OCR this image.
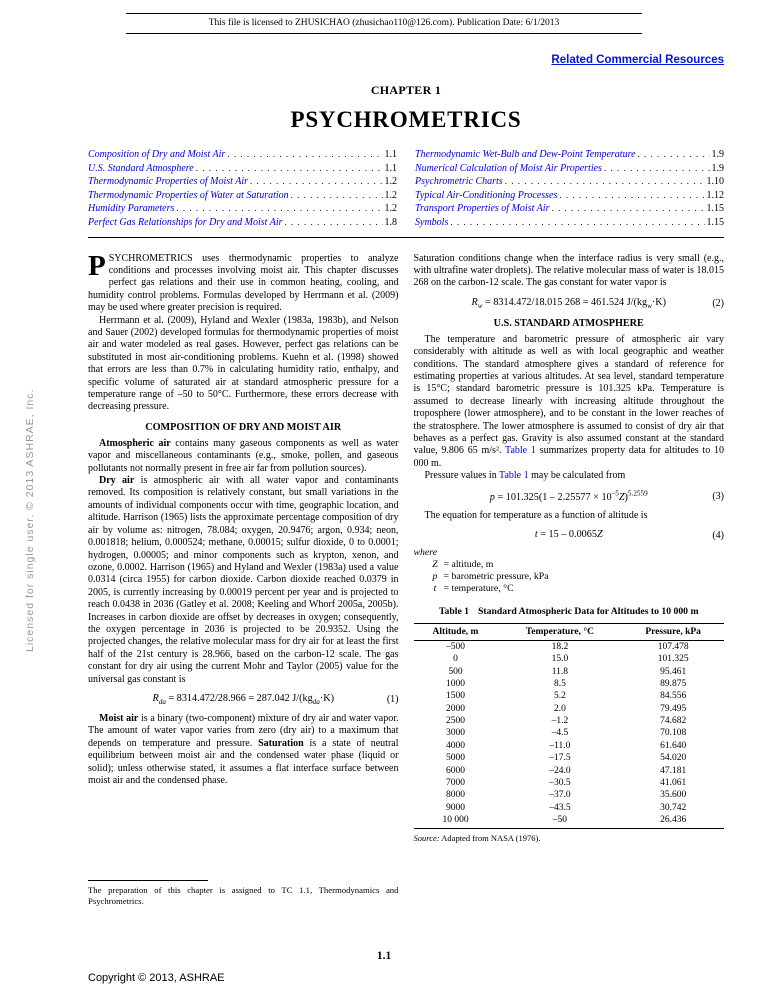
This file is licensed to ZHUSICHAO (zhusichao110@126.com). Publication Date: 6/1/2013
Related Commercial Resources
CHAPTER 1
PSYCHROMETRICS
Composition of Dry and Moist Air . . .	1.1
U.S. Standard Atmosphere . . .	1.1
Thermodynamic Properties of Moist Air . . .	1.2
Thermodynamic Properties of Water at Saturation . . .	1.2
Humidity Parameters . . .	1.2
Perfect Gas Relationships for Dry and Moist Air . . .	1.8
Thermodynamic Wet-Bulb and Dew-Point Temperature . . .	1.9
Numerical Calculation of Moist Air Properties . . .	1.9
Psychrometric Charts . . .	1.10
Typical Air-Conditioning Processes . . .	1.12
Transport Properties of Moist Air . . .	1.15
Symbols . . .	1.15

PSYCHROMETRICS uses thermodynamic properties to analyze conditions and processes involving moist air. This chapter discusses perfect gas relations and their use in common heating, cooling, and humidity control problems. Formulas developed by Herrmann et al. (2009) may be used where greater precision is required.

Herrmann et al. (2009), Hyland and Wexler (1983a, 1983b), and Nelson and Sauer (2002) developed formulas for thermodynamic properties of moist air and water modeled as real gases. However, perfect gas relations can be substituted in most air-conditioning problems. Kuehn et al. (1998) showed that errors are less than 0.7% in calculating humidity ratio, enthalpy, and specific volume of saturated air at standard atmospheric pressure for a temperature range of –50 to 50°C. Furthermore, these errors decrease with decreasing pressure.

COMPOSITION OF DRY AND MOIST AIR

Atmospheric air contains many gaseous components as well as water vapor and miscellaneous contaminants (e.g., smoke, pollen, and gaseous pollutants not normally present in free air far from pollution sources).

Dry air is atmospheric air with all water vapor and contaminants removed. Its composition is relatively constant, but small variations in the amounts of individual components occur with time, geographic location, and altitude. Harrison (1965) lists the approximate percentage composition of dry air by volume as: nitrogen, 78.084; oxygen, 20.9476; argon, 0.934; neon, 0.001818; helium, 0.000524; methane, 0.00015; sulfur dioxide, 0 to 0.0001; hydrogen, 0.00005; and minor components such as krypton, xenon, and ozone, 0.0002. Harrison (1965) and Hyland and Wexler (1983a) used a value 0.0314 (circa 1955) for carbon dioxide. Carbon dioxide reached 0.0379 in 2005, is currently increasing by 0.00019 percent per year and is projected to reach 0.0438 in 2036 (Gatley et al. 2008; Keeling and Whorf 2005a, 2005b). Increases in carbon dioxide are offset by decreases in oxygen; consequently, the oxygen percentage in 2036 is projected to be 20.9352. Using the projected changes, the relative molecular mass for dry air for at least the first half of the 21st century is 28.966, based on the carbon-12 scale. The gas constant for dry air using the current Mohr and Taylor (2005) value for the universal gas constant is

$R_{da} = 8314.472/28.966 = 287.042$ $J/(kg_{da}\cdot K)$	(1)

Moist air is a binary (two-component) mixture of dry air and water vapor. The amount of water vapor varies from zero (dry air) to a maximum that depends on temperature and pressure. Saturation is a state of neutral equilibrium between moist air and the condensed water phase (liquid or solid); unless otherwise stated, it assumes a flat interface surface between moist air and the condensed phase.

The preparation of this chapter is assigned to TC 1.1, Thermodynamics and Psychrometrics.

Saturation conditions change when the interface radius is very small (e.g., with ultrafine water droplets). The relative molecular mass of water is 18.015 268 on the carbon-12 scale. The gas constant for water vapor is

$R_w = 8314.472/18.015$ 268 = 461.524 $J/(kg_w\cdot K)$	(2)
U.S. STANDARD ATMOSPHERE

The temperature and barometric pressure of atmospheric air vary considerably with altitude as well as with local geographic and weather conditions. The standard atmosphere gives a standard of reference for estimating properties at various altitudes. At sea level, standard temperature is 15°C; standard barometric pressure is 101.325 kPa. Temperature is assumed to decrease linearly with increasing altitude throughout the troposphere (lower atmosphere), and to be constant in the lower reaches of the stratosphere. The lower atmosphere is assumed to consist of dry air that behaves as a perfect gas. Gravity is also assumed constant at the standard value, 9.806 65 m/s². Table 1 summarizes property data for altitudes to 10 000 m.

Pressure values in Table 1 may be calculated from

$p = 101.325(1 - 2.25577 \times 10^{-5}Z)^{5.2559}$	(3)

The equation for temperature as a function of altitude is

t = 15 – 0.0065Z	(4)
where
Z = altitude, m
p = barometric pressure, kPa
t = temperature, °C
Table 1 Standard Atmospheric Data for Altitudes to 10 000 m
Altitude, m	Temperature, °C	Pressure, kPa
–500	18.2	107.478
0	15.0	101.325
500	11.8	95.461
1000	8.5	89.875
1500	5.2	84.556
2000	2.0	79.495
2500	–1.2	74.682
3000	–4.5	70.108
4000	–11.0	61.640
5000	–17.5	54.020
6000	–24.0	47.181
7000	–30.5	41.061
8000	–37.0	35.600
9000	–43.5	30.742
10 000	–50	26.436
Source: Adapted from NASA (1976).
1.1
Copyright © 2013, ASHRAE
Licensed for single user. © 2013 ASHRAE, Inc.
